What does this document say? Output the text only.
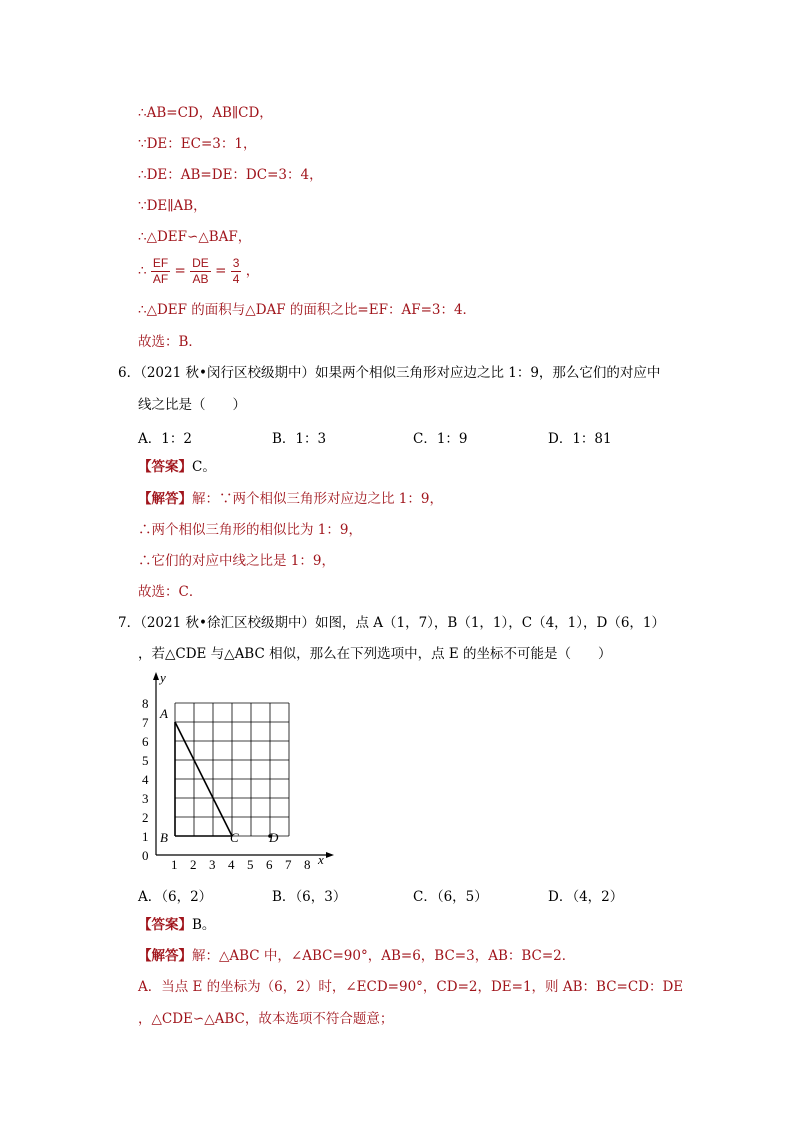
∴AB=CD，AB∥CD，
∵DE：EC=3：1，
∴DE：AB=DE：DC=3：4，
∵DE∥AB，
∴△DEF∽△BAF，
∴ $\frac{EF}{AF} = \frac{DE}{AB} = \frac{3}{4}$ ，
∴△DEF 的面积与△DAF 的面积之比=EF：AF=3：4．
故选：B．
6．（2021 秋•闵行区校级期中）如果两个相似三角形对应边之比 1：9，那么它们的对应中
线之比是（　　）
A．1：2	B．1：3	C．1：9	D．1：81
【答案】C。
【解答】解：∵两个相似三角形对应边之比 1：9，
∴两个相似三角形的相似比为 1：9，
∴它们的对应中线之比是 1：9，
故选：C．
7．（2021 秋•徐汇区校级期中）如图，点 A（1，7），B（1，1），C（4，1），D（6，1）
，若△CDE 与△ABC 相似，那么在下列选项中，点 E 的坐标不可能是（　　）
y
x
8
7
6
5
4
3
2
1
0
1 2 3 4 5 6 7 8
A
B	C D
A．（6，2）	B．（6，3）	C．（6，5）	D．（4，2）
【答案】B。
【解答】解：△ABC 中，∠ABC=90°，AB=6，BC=3，AB：BC=2．
A．当点 E 的坐标为（6，2）时，∠ECD=90°，CD=2，DE=1，则 AB：BC=CD：DE
，△CDE∽△ABC，故本选项不符合题意；
